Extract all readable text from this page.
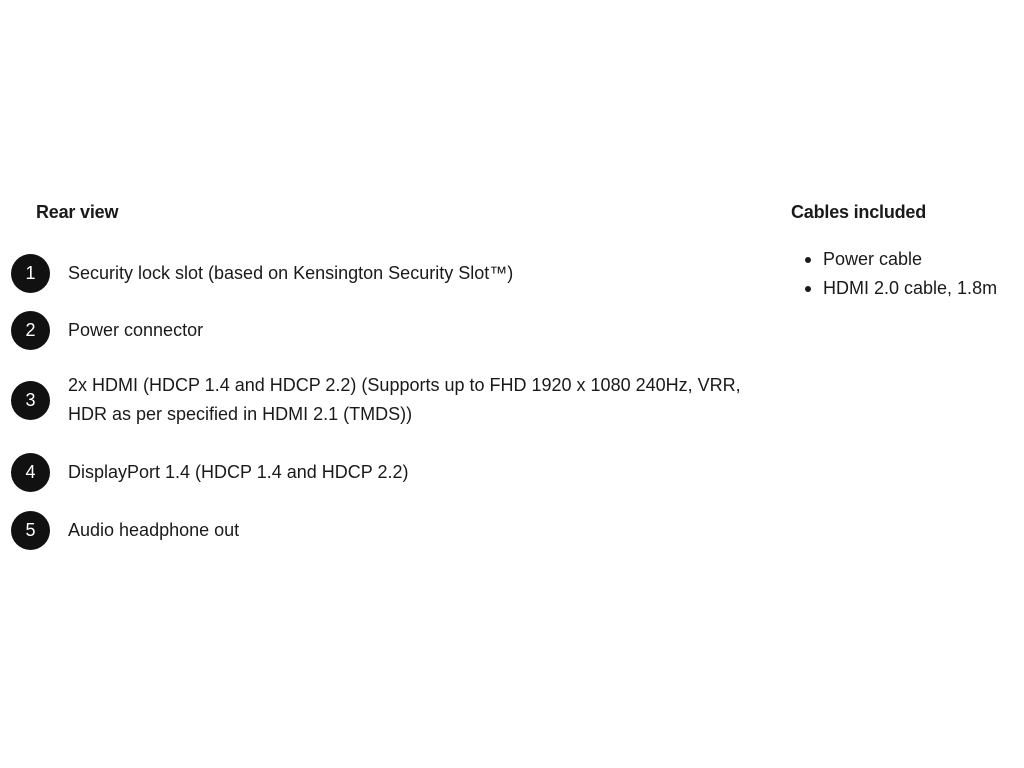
Rear view
1	Security lock slot (based on Kensington Security Slot™)
2	Power connector
3
2x HDMI (HDCP 1.4 and HDCP 2.2) (Supports up to FHD 1920 x 1080 240Hz, VRR, HDR as per specified in HDMI 2.1 (TMDS))
4	DisplayPort 1.4 (HDCP 1.4 and HDCP 2.2)
5	Audio headphone out
Cables included
Power cable
HDMI 2.0 cable, 1.8m
